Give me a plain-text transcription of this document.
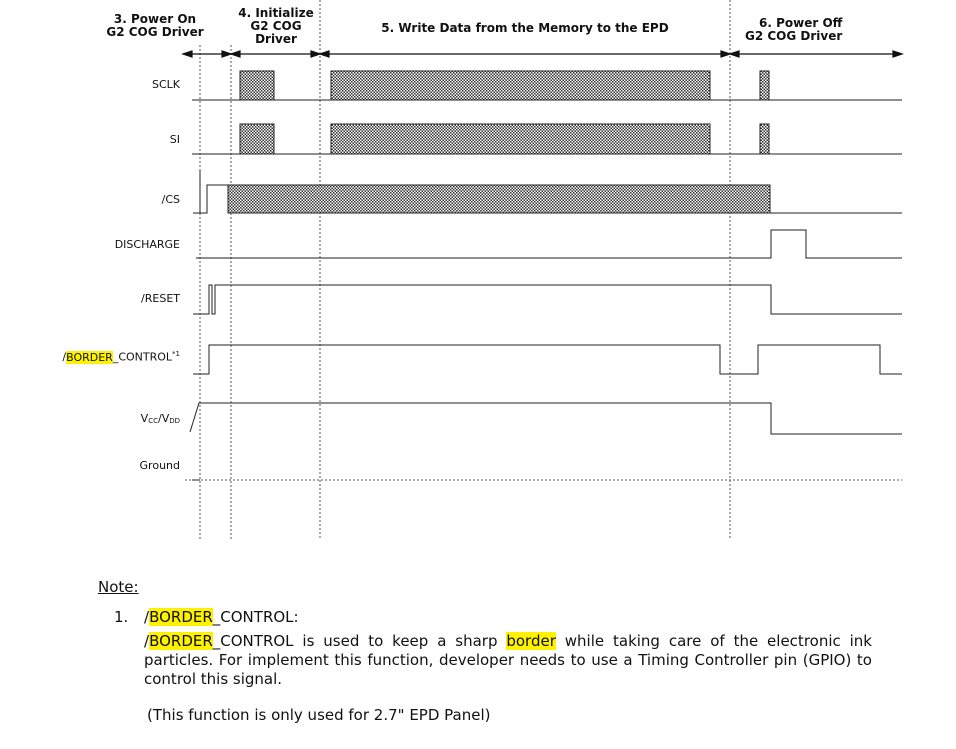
3. Power On
G2 COG Driver
4. Initialize
G2 COG
Driver
5. Write Data from the Memory to the EPD	6. Power Off
G2 COG Driver
SCLK
SI
/CS
DISCHARGE
/RESET
/BORDER_CONTROL$^{*1}$
VCC/VDD
Ground
Note:
1. /BORDER_CONTROL:
/BORDER_CONTROL is used to keep a sharp border while taking care of the electronic ink particles. For implement this function, developer needs to use a Timing Controller pin (GPIO) to control this signal.
(This function is only used for 2.7" EPD Panel)
